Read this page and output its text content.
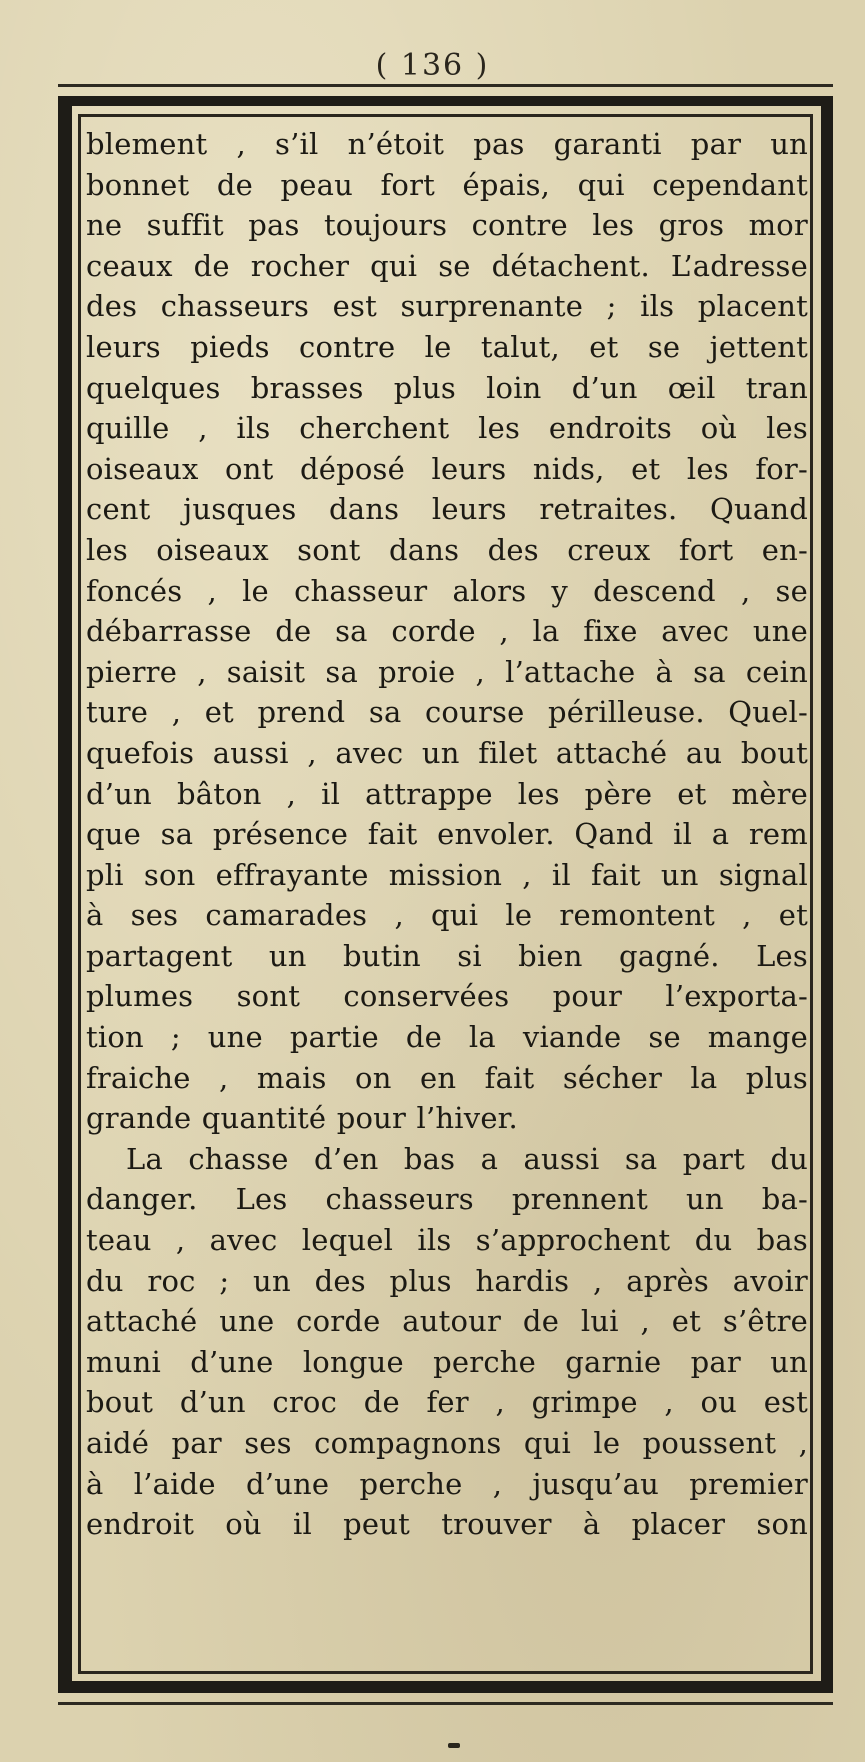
( 136 )
blement , s’il n’étoit pas garanti par un
bonnet de peau fort épais, qui cependant
ne suffit pas toujours contre les gros mor
ceaux de rocher qui se détachent. L’adresse
des chasseurs est surprenante ; ils placent
leurs pieds contre le talut, et se jettent
quelques brasses plus loin d’un œil tran
quille , ils cherchent les endroits où les
oiseaux ont déposé leurs nids, et les for-
cent jusques dans leurs retraites. Quand
les oiseaux sont dans des creux fort en-
foncés , le chasseur alors y descend , se
débarrasse de sa corde , la fixe avec une
pierre , saisit sa proie , l’attache à sa cein
ture , et prend sa course périlleuse. Quel-
quefois aussi , avec un filet attaché au bout
d’un bâton , il attrappe les père et mère
que sa présence fait envoler. Qand il a rem
pli son effrayante mission , il fait un signal
à ses camarades , qui le remontent , et
partagent un butin si bien gagné. Les
plumes sont conservées pour l’exporta-
tion ; une partie de la viande se mange
fraiche , mais on en fait sécher la plus
grande quantité pour l’hiver.
La chasse d’en bas a aussi sa part du
danger. Les chasseurs prennent un ba-
teau , avec lequel ils s’approchent du bas
du roc ; un des plus hardis , après avoir
attaché une corde autour de lui , et s’être
muni d’une longue perche garnie par un
bout d’un croc de fer , grimpe , ou est
aidé par ses compagnons qui le poussent ,
à l’aide d’une perche , jusqu’au premier
endroit où il peut trouver à placer son
